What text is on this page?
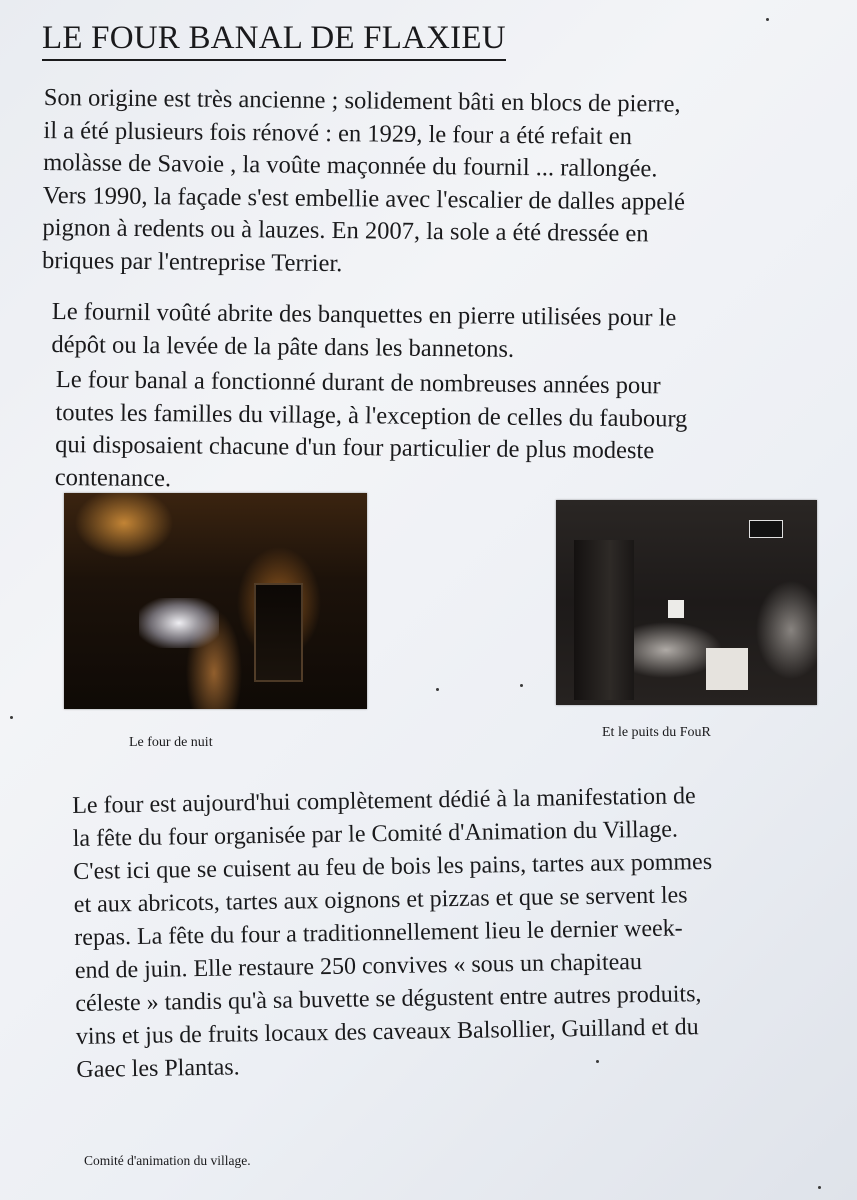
LE FOUR BANAL DE FLAXIEU

Son origine est très ancienne ; solidement bâti en blocs de pierre,
il a été plusieurs fois rénové : en 1929, le four a été refait en
molàsse de Savoie , la voûte maçonnée du fournil ... rallongée.
Vers 1990, la façade s'est embellie avec l'escalier de dalles appelé
pignon à redents ou à lauzes. En 2007, la sole a été dressée en
briques par l'entreprise Terrier.

Le fournil voûté abrite des banquettes en pierre utilisées pour le
dépôt ou la levée de la pâte dans les bannetons.

Le four banal a fonctionné durant de nombreuses années pour
toutes les familles du village, à l'exception de celles du faubourg
qui disposaient chacune d'un four particulier de plus modeste
contenance.

Le four de nuit

Et le puits du FouR

Le four est aujourd'hui complètement dédié à la manifestation de
la fête du four organisée par le Comité d'Animation du Village.
C'est ici que se cuisent au feu de bois les pains, tartes aux pommes
et aux abricots, tartes aux oignons et pizzas et que se servent les
repas. La fête du four a traditionnellement lieu le dernier week-
end de juin. Elle restaure 250 convives « sous un chapiteau
céleste » tandis qu'à sa buvette se dégustent entre autres produits,
vins et jus de fruits locaux des caveaux Balsollier, Guilland et du
Gaec les Plantas.

Comité d'animation du village.
